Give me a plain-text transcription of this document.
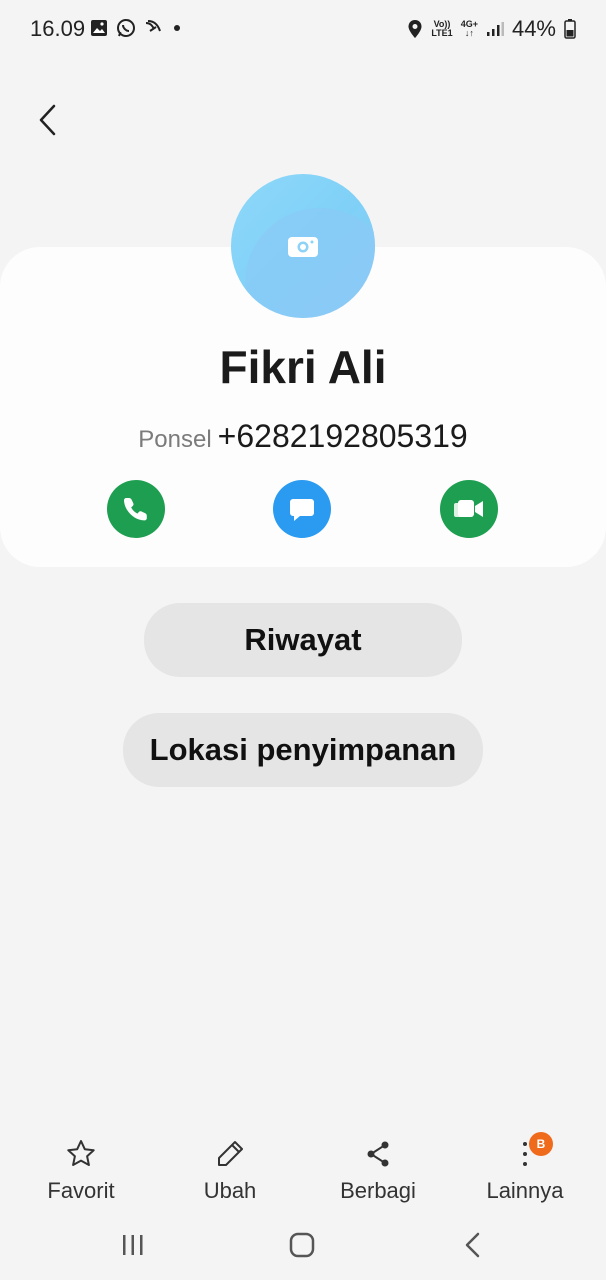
16.09	Vo))
LTE1
4G+
↓↑ 44%
Fikri Ali
Ponsel +6282192805319
Riwayat
Lokasi penyimpanan
Favorit	Ubah	Berbagi
B
Lainnya
